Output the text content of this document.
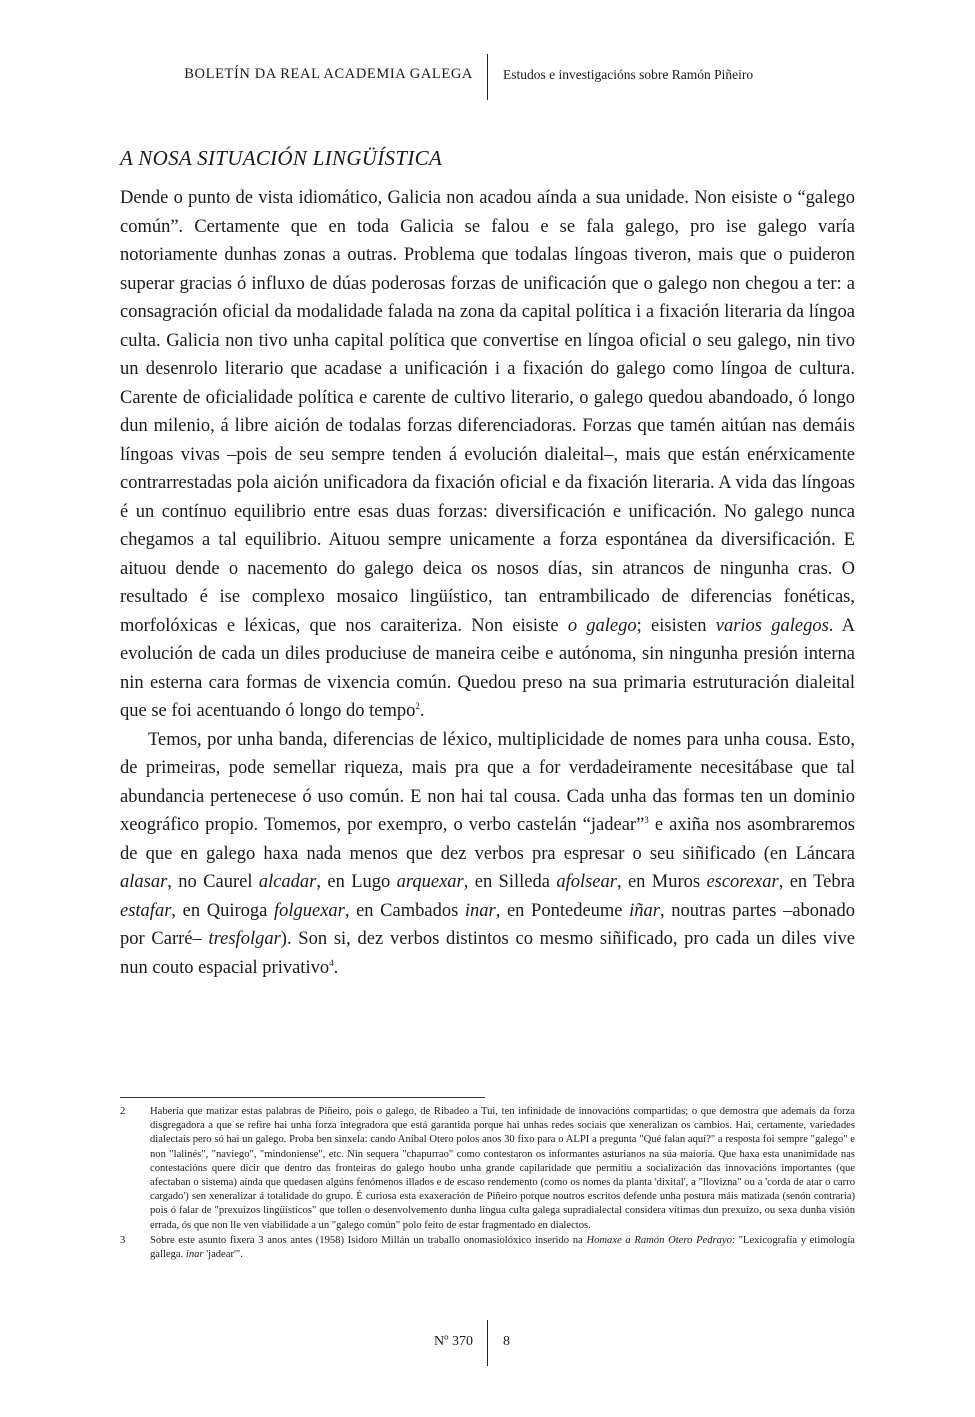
BOLETÍN DA REAL ACADEMIA GALEGA Estudos e investigacións sobre Ramón Piñeiro
A NOSA SITUACIÓN LINGÜÍSTICA

Dende o punto de vista idiomático, Galicia non acadou aínda a sua unidade. Non eisiste o “galego común”. Certamente que en toda Galicia se falou e se fala galego, pro ise galego varía notoriamente dunhas zonas a outras. Problema que todalas língoas tiveron, mais que o puideron superar gracias ó influxo de dúas poderosas forzas de unificación que o galego non chegou a ter: a consagración oficial da modalidade falada na zona da capital política i a fixación literaria da língoa culta. Galicia non tivo unha capital política que convertise en língoa oficial o seu galego, nin tivo un desenrolo literario que acadase a unificación i a fixación do galego como língoa de cultura. Carente de oficialidade política e carente de cultivo literario, o galego quedou abandoado, ó longo dun milenio, á libre aición de todalas forzas diferenciadoras. Forzas que tamén aitúan nas demáis língoas vivas –pois de seu sempre tenden á evolución dialeital–, mais que están enérxicamente contrarrestadas pola aición unificadora da fixación oficial e da fixación literaria. A vida das língoas é un contínuo equilibrio entre esas duas forzas: diversificación e unificación. No galego nunca chegamos a tal equilibrio. Aituou sempre unicamente a forza espontánea da diversificación. E aituou dende o nacemento do galego deica os nosos días, sin atrancos de ningunha cras. O resultado é ise complexo mosaico lingüístico, tan entrambilicado de diferencias fonéticas, morfolóxicas e léxicas, que nos caraiteriza. Non eisiste o galego; eisisten varios galegos. A evolución de cada un diles produciuse de maneira ceibe e autónoma, sin ningunha presión interna nin esterna cara formas de vixencia común. Quedou preso na sua primaria estruturación dialeital que se foi acentuando ó longo do tempo$^2$.

Temos, por unha banda, diferencias de léxico, multiplicidade de nomes para unha cousa. Esto, de primeiras, pode semellar riqueza, mais pra que a for verdadeiramente necesitábase que tal abundancia pertenecese ó uso común. E non hai tal cousa. Cada unha das formas ten un dominio xeográfico propio. Tomemos, por exempro, o verbo castelán “jadear”$^3$ e axiña nos asombraremos de que en galego haxa nada menos que dez verbos pra espresar o seu siñificado (en Láncara alasar, no Caurel alcadar, en Lugo arquexar, en Silleda afolsear, en Muros escorexar, en Tebra estafar, en Quiroga folguexar, en Cambados inar, en Pontedeume iñar, noutras partes –abonado por Carré– tresfolgar). Son si, dez verbos distintos co mesmo siñificado, pro cada un diles vive nun couto espacial privativo$^4$.

2 Habería que matizar estas palabras de Piñeiro, pois o galego, de Ribadeo a Tui, ten infinidade de innovacións compartidas; o que demostra que ademais da forza disgregadora a que se refire hai unha forza integradora que está garantida porque hai unhas redes sociais que xeneralizan os cambios. Hai, certamente, variedades dialectais pero só hai un galego. Proba ben sinxela: cando Aníbal Otero polos anos 30 fixo para o ALPI a pregunta "Qué falan aquí?" a resposta foi sempre "galego" e non "lalinés", "naviego", "mindoniense", etc. Nin sequera "chapurrao" como contestaron os informantes asturianos na súa maioría. Que haxa esta unanimidade nas contestacións quere dicir que dentro das fronteiras do galego houbo unha grande capilaridade que permitiu a socialización das innovacións importantes (que afectaban o sistema) aínda que quedasen algúns fenómenos illados e de escaso rendemento (como os nomes da planta 'dixital', a "llovizna" ou a 'corda de atar o carro cargado') sen xeneralizar á totalidade do grupo. É curiosa esta exaxeración de Piñeiro porque noutros escritos defende unha postura máis matizada (senón contraria) pois ó falar de "prexuízos lingüísticos" que tollen o desenvolvemento dunha lingua culta galega supradialectal considera vítimas dun prexuízo, ou sexa dunha visión errada, ós que non lle ven viabilidade a un "galego común" polo feito de estar fragmentado en dialectos.
3 Sobre este asunto fixera 3 anos antes (1958) Isidoro Millán un traballo onomasiolóxico inserido na Homaxe a Ramón Otero Pedrayo: "Lexicografía y etimología gallega. inar 'jadear'".
Nº 370 8
